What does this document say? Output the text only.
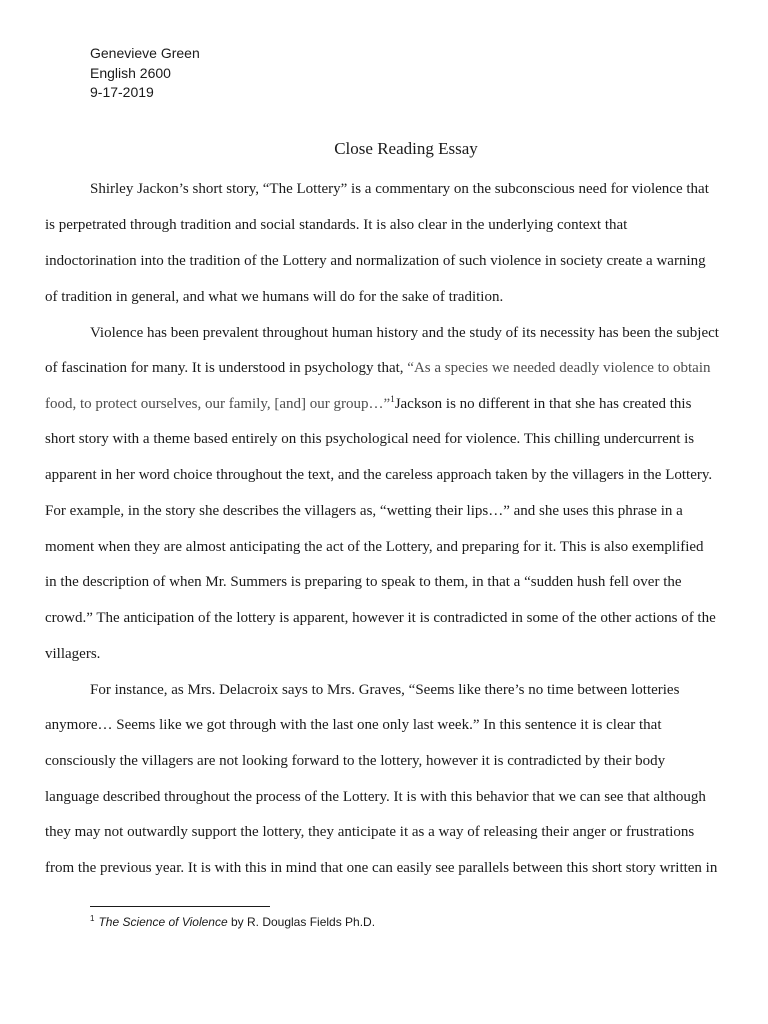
Genevieve Green
English 2600
9-17-2019
Close Reading Essay
Shirley Jackon’s short story, “The Lottery” is a commentary on the subconscious need for violence that
is perpetrated through tradition and social standards. It is also clear in the underlying context that
indoctorination into the tradition of the Lottery and normalization of such violence in society create a warning
of tradition in general, and what we humans will do for the sake of tradition.
Violence has been prevalent throughout human history and the study of its necessity has been the subject
of fascination for many. It is understood in psychology that, “As a species we needed deadly violence to obtain
food, to protect ourselves, our family, [and] our group…”$^1$Jackson is no different in that she has created this
short story with a theme based entirely on this psychological need for violence. This chilling undercurrent is
apparent in her word choice throughout the text, and the careless approach taken by the villagers in the Lottery.
For example, in the story she describes the villagers as, “wetting their lips…” and she uses this phrase in a
moment when they are almost anticipating the act of the Lottery, and preparing for it. This is also exemplified
in the description of when Mr. Summers is preparing to speak to them, in that a “sudden hush fell over the
crowd.” The anticipation of the lottery is apparent, however it is contradicted in some of the other actions of the
villagers.
For instance, as Mrs. Delacroix says to Mrs. Graves, “Seems like there’s no time between lotteries
anymore… Seems like we got through with the last one only last week.” In this sentence it is clear that
consciously the villagers are not looking forward to the lottery, however it is contradicted by their body
language described throughout the process of the Lottery. It is with this behavior that we can see that although
they may not outwardly support the lottery, they anticipate it as a way of releasing their anger or frustrations
from the previous year. It is with this in mind that one can easily see parallels between this short story written in
$^1$ The Science of Violence by R. Douglas Fields Ph.D.
